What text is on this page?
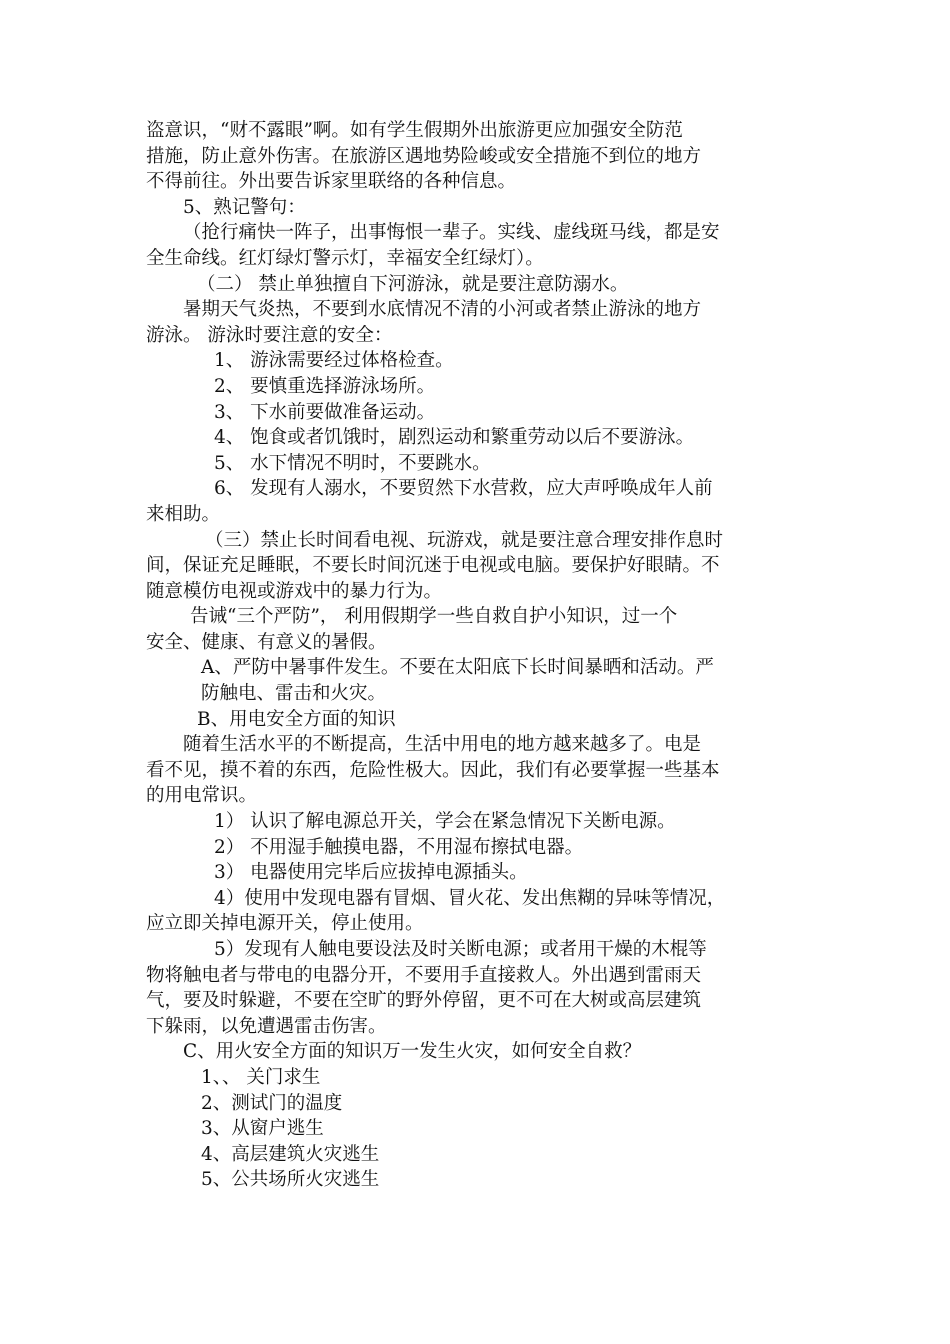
盗意识，“财不露眼”啊。如有学生假期外出旅游更应加强安全防范
措施，防止意外伤害。在旅游区遇地势险峻或安全措施不到位的地方
不得前往。外出要告诉家里联络的各种信息。
5、熟记警句：
（抢行痛快一阵子，出事悔恨一辈子。实线、虚线斑马线，都是安
全生命线。红灯绿灯警示灯，幸福安全红绿灯）。
（二） 禁止单独擅自下河游泳，就是要注意防溺水。
暑期天气炎热，不要到水底情况不清的小河或者禁止游泳的地方
游泳。 游泳时要注意的安全：
1、 游泳需要经过体格检查。
2、 要慎重选择游泳场所。
3、 下水前要做准备运动。
4、 饱食或者饥饿时，剧烈运动和繁重劳动以后不要游泳。
5、 水下情况不明时，不要跳水。
6、 发现有人溺水，不要贸然下水营救，应大声呼唤成年人前
来相助。
（三）禁止长时间看电视、玩游戏，就是要注意合理安排作息时
间，保证充足睡眠，不要长时间沉迷于电视或电脑。要保护好眼睛。不
随意模仿电视或游戏中的暴力行为。
告诫“三个严防”， 利用假期学一些自救自护小知识，过一个
安全、健康、有意义的暑假。
A、严防中暑事件发生。不要在太阳底下长时间暴晒和活动。严
防触电、雷击和火灾。
B、用电安全方面的知识
随着生活水平的不断提高，生活中用电的地方越来越多了。电是
看不见，摸不着的东西，危险性极大。因此，我们有必要掌握一些基本
的用电常识。
1） 认识了解电源总开关，学会在紧急情况下关断电源。
2） 不用湿手触摸电器，不用湿布擦拭电器。
3） 电器使用完毕后应拔掉电源插头。
4）使用中发现电器有冒烟、冒火花、发出焦糊的异味等情况，
应立即关掉电源开关，停止使用。
5）发现有人触电要设法及时关断电源；或者用干燥的木棍等
物将触电者与带电的电器分开，不要用手直接救人。外出遇到雷雨天
气，要及时躲避，不要在空旷的野外停留，更不可在大树或高层建筑
下躲雨，以免遭遇雷击伤害。
C、用火安全方面的知识万一发生火灾，如何安全自救？
1、、 关门求生
2、测试门的温度
3、从窗户逃生
4、高层建筑火灾逃生
5、公共场所火灾逃生
